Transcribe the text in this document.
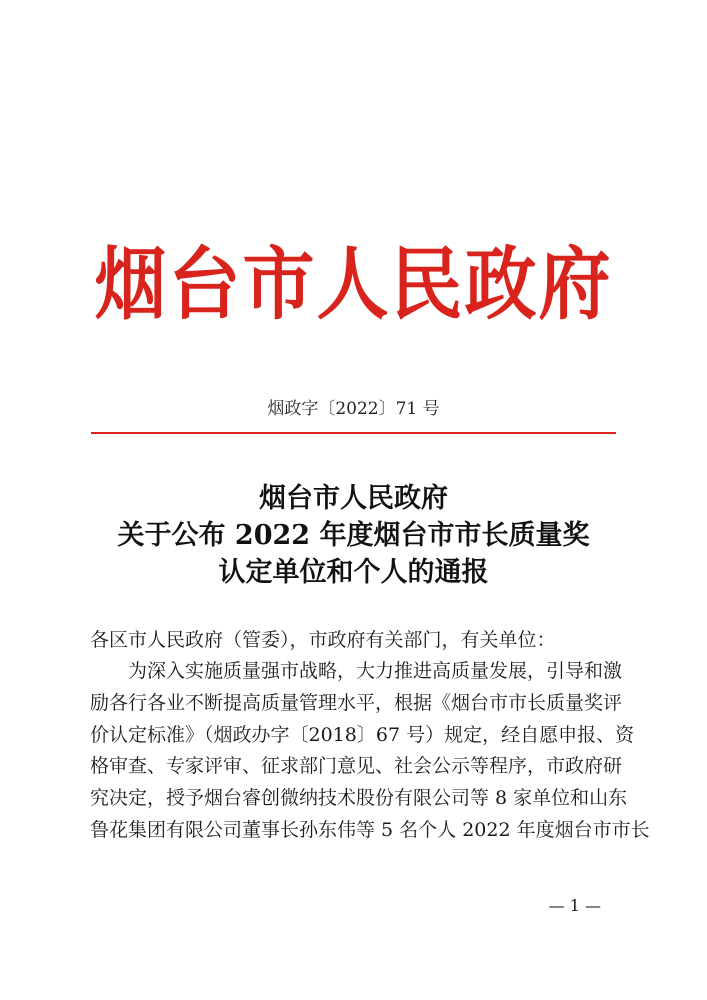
烟台市人民政府
烟政字〔2022〕71 号
烟台市人民政府
关于公布 2022 年度烟台市市长质量奖
认定单位和个人的通报
各区市人民政府（管委），市政府有关部门，有关单位：
为深入实施质量强市战略，大力推进高质量发展，引导和激
励各行各业不断提高质量管理水平，根据《烟台市市长质量奖评
价认定标准》（烟政办字〔2018〕67 号）规定，经自愿申报、资
格审查、专家评审、征求部门意见、社会公示等程序，市政府研
究决定，授予烟台睿创微纳技术股份有限公司等 8 家单位和山东
鲁花集团有限公司董事长孙东伟等 5 名个人 2022 年度烟台市市长
— 1 —
